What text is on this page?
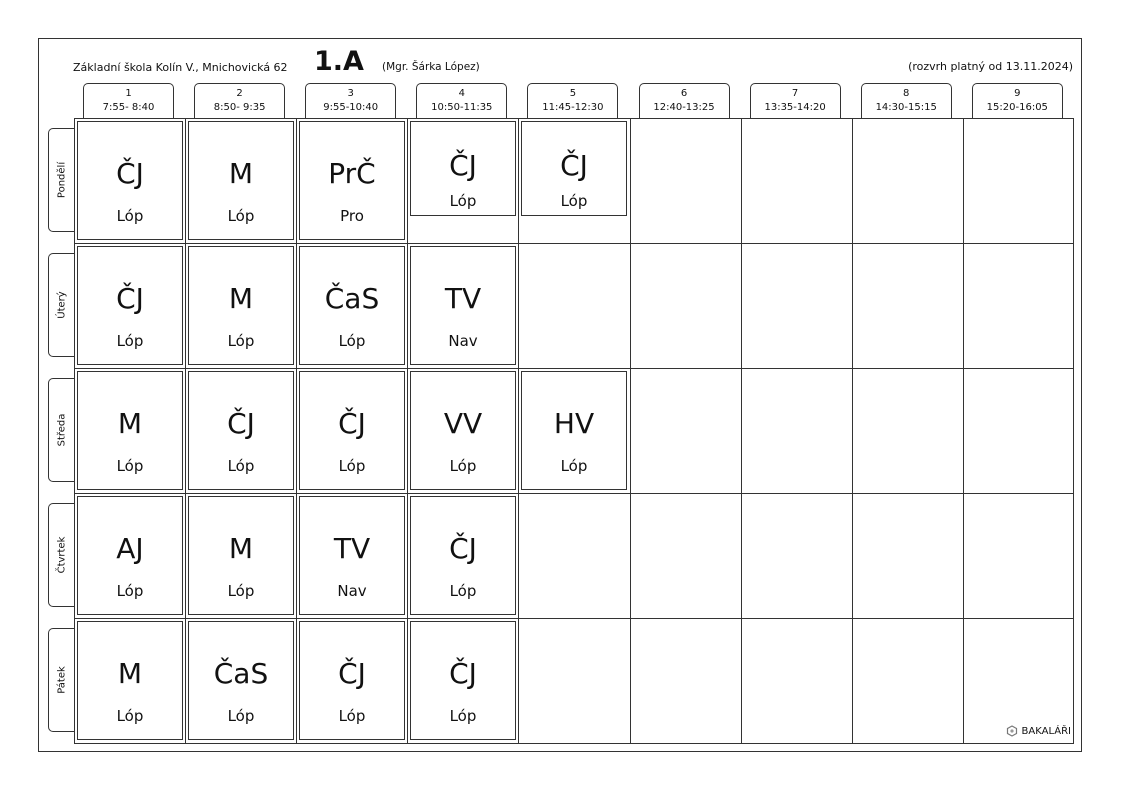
Základní škola Kolín V., Mnichovická 62 1.A (Mgr. Šárka López)	(rozvrh platný od 13.11.2024)
1
7:55- 8:40
2
8:50- 9:35
3
9:55-10:40
4
10:50-11:35
5
11:45-12:30
6
12:40-13:25
7
13:35-14:20
8
14:30-15:15
9
15:20-16:05
Pondělí
Úterý
Středa
Čtvrtek
Pátek
ČJ
Lóp
M
Lóp
PrČ
Pro
ČJ
Lóp
ČJ
Lóp
ČJ
Lóp
M
Lóp
ČaS
Lóp
TV
Nav
M
Lóp
ČJ
Lóp
ČJ
Lóp
VV
Lóp
HV
Lóp
AJ
Lóp
M
Lóp
TV
Nav
ČJ
Lóp
M
Lóp
ČaS
Lóp
ČJ
Lóp
ČJ
Lóp
BAKALÁŘI
